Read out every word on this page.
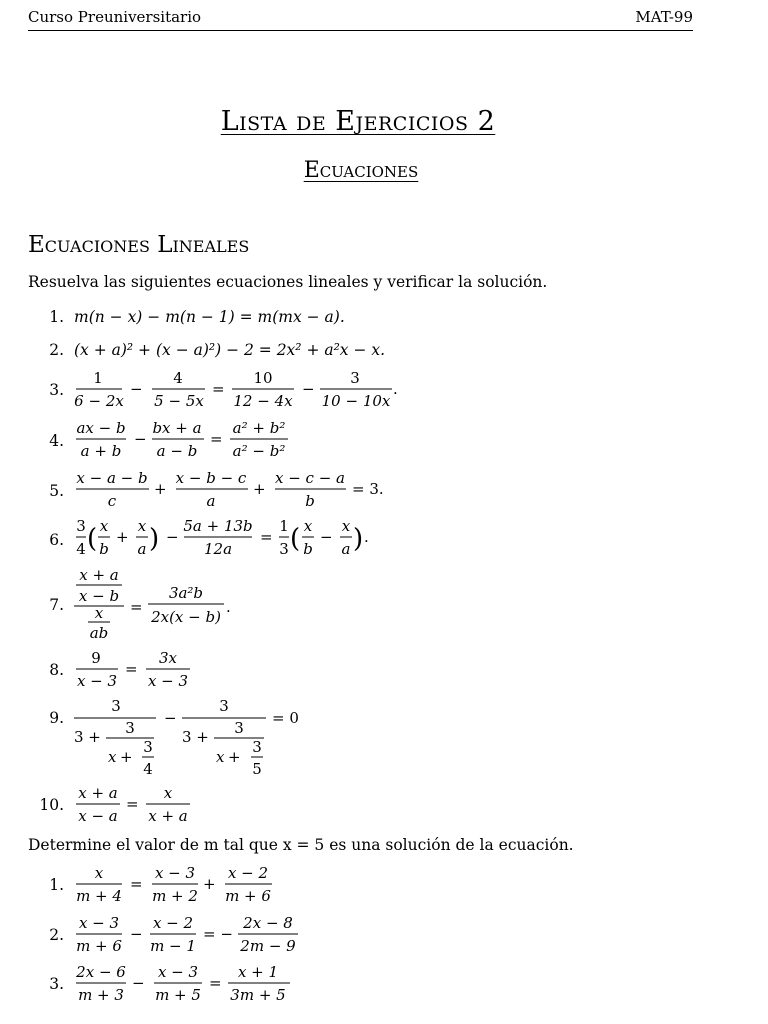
Curso Preuniversitario	MAT-99
Lista de Ejercicios 2
Ecuaciones
Ecuaciones Lineales
Resuelva las siguientes ecuaciones lineales y verificar la solución.
1. m(n − x) − m(n − 1) = m(mx − a).
2. (x + a)² + (x − a)²) − 2 = 2x² + a²x − x.
3.
1
6 − 2x
−
4
5 − 5x
=
10
12 − 4x
−
3
10 − 10x
.
4.
ax − b
a + b
−
bx + a
a − b
=
a² + b²
a² − b²
5.
x − a − b
c
+
x − b − c
a
+
x − c − a
b
= 3.
6.
3
4 ( x
b
+
x
a ) −
5a + 13b
12a
=
1
3 ( x
b
−
x
a ) .
7.
x + a
x − b
x
ab
=
3a²b
2x(x − b)
.
8.
9
x − 3
=
3x
x − 3
9.
3
3 + 3
x +
3
4
−
3
3 + 3
x +
3
5
= 0
10.
x + a
x − a
=
x
x + a
Determine el valor de m tal que x = 5 es una solución de la ecuación.
1.
x
m + 4
=
x − 3
m + 2
+
x − 2
m + 6
2.
x − 3
m + 6
−
x − 2
m − 1
= −
2x − 8
2m − 9
3.
2x − 6
m + 3
−
x − 3
m + 5
=
x + 1
3m + 5
